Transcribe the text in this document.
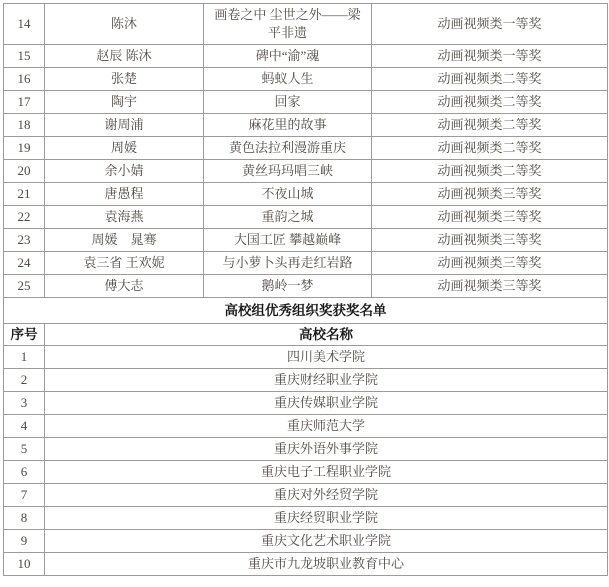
14	陈沐	画卷之中 尘世之外——梁平非遗	动画视频类一等奖
15	赵辰 陈沐	碑中“渝”魂	动画视频类一等奖
16	张楚	蚂蚁人生	动画视频类二等奖
17	陶宇	回家	动画视频类二等奖
18	谢周浦	麻花里的故事	动画视频类二等奖
19	周媛	黄色法拉利漫游重庆	动画视频类二等奖
20	余小婧	黄丝玛玛唱三峡	动画视频类二等奖
21	唐愚程	不夜山城	动画视频类三等奖
22	袁海燕	重韵之城	动画视频类三等奖
23	周媛　晁骞	大国工匠 攀越巅峰	动画视频类三等奖
24	袁三省 王欢妮	与小萝卜头再走红岩路	动画视频类三等奖
25	傅大志	鹅岭一梦	动画视频类三等奖
高校组优秀组织奖获奖名单			
序号	高校名称		
1	四川美术学院		
2	重庆财经职业学院		
3	重庆传媒职业学院		
4	重庆师范大学		
5	重庆外语外事学院		
6	重庆电子工程职业学院		
7	重庆对外经贸学院		
8	重庆经贸职业学院		
9	重庆文化艺术职业学院		
10	重庆市九龙坡职业教育中心		
